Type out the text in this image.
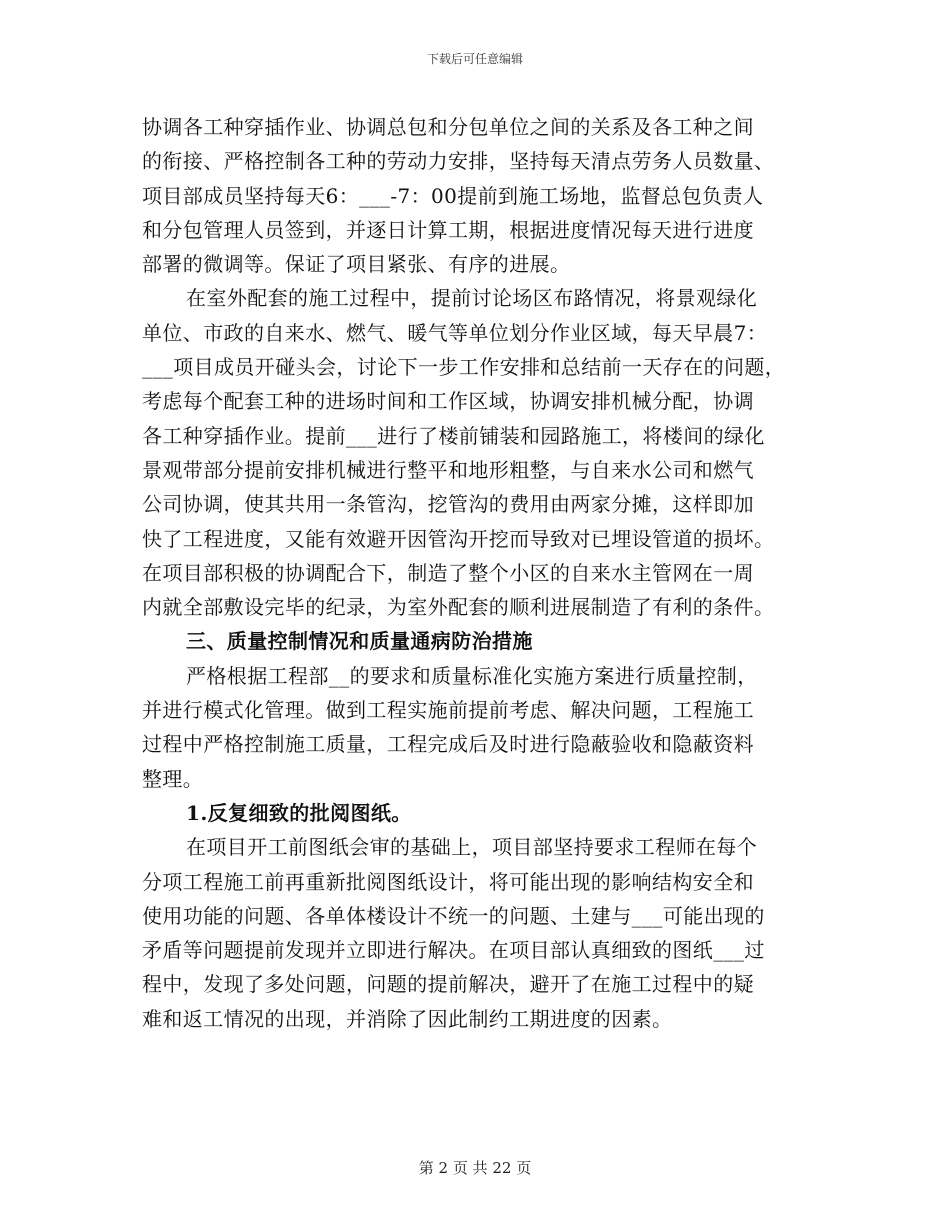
下载后可任意编辑
协调各工种穿插作业、协调总包和分包单位之间的关系及各工种之间
的衔接、严格控制各工种的劳动力安排，坚持每天清点劳务人员数量、
项目部成员坚持每天6：___-7：00提前到施工场地，监督总包负责人
和分包管理人员签到，并逐日计算工期，根据进度情况每天进行进度
部署的微调等。保证了项目紧张、有序的进展。
在室外配套的施工过程中，提前讨论场区布路情况，将景观绿化
单位、市政的自来水、燃气、暖气等单位划分作业区域，每天早晨7：
___项目成员开碰头会，讨论下一步工作安排和总结前一天存在的问题，
考虑每个配套工种的进场时间和工作区域，协调安排机械分配，协调
各工种穿插作业。提前___进行了楼前铺装和园路施工，将楼间的绿化
景观带部分提前安排机械进行整平和地形粗整，与自来水公司和燃气
公司协调，使其共用一条管沟，挖管沟的费用由两家分摊，这样即加
快了工程进度，又能有效避开因管沟开挖而导致对已埋设管道的损坏。
在项目部积极的协调配合下，制造了整个小区的自来水主管网在一周
内就全部敷设完毕的纪录，为室外配套的顺利进展制造了有利的条件。
三、质量控制情况和质量通病防治措施
严格根据工程部__的要求和质量标准化实施方案进行质量控制，
并进行模式化管理。做到工程实施前提前考虑、解决问题，工程施工
过程中严格控制施工质量，工程完成后及时进行隐蔽验收和隐蔽资料
整理。
1.反复细致的批阅图纸。
在项目开工前图纸会审的基础上，项目部坚持要求工程师在每个
分项工程施工前再重新批阅图纸设计，将可能出现的影响结构安全和
使用功能的问题、各单体楼设计不统一的问题、土建与___可能出现的
矛盾等问题提前发现并立即进行解决。在项目部认真细致的图纸___过
程中，发现了多处问题，问题的提前解决，避开了在施工过程中的疑
难和返工情况的出现，并消除了因此制约工期进度的因素。
第 2 页 共 22 页
